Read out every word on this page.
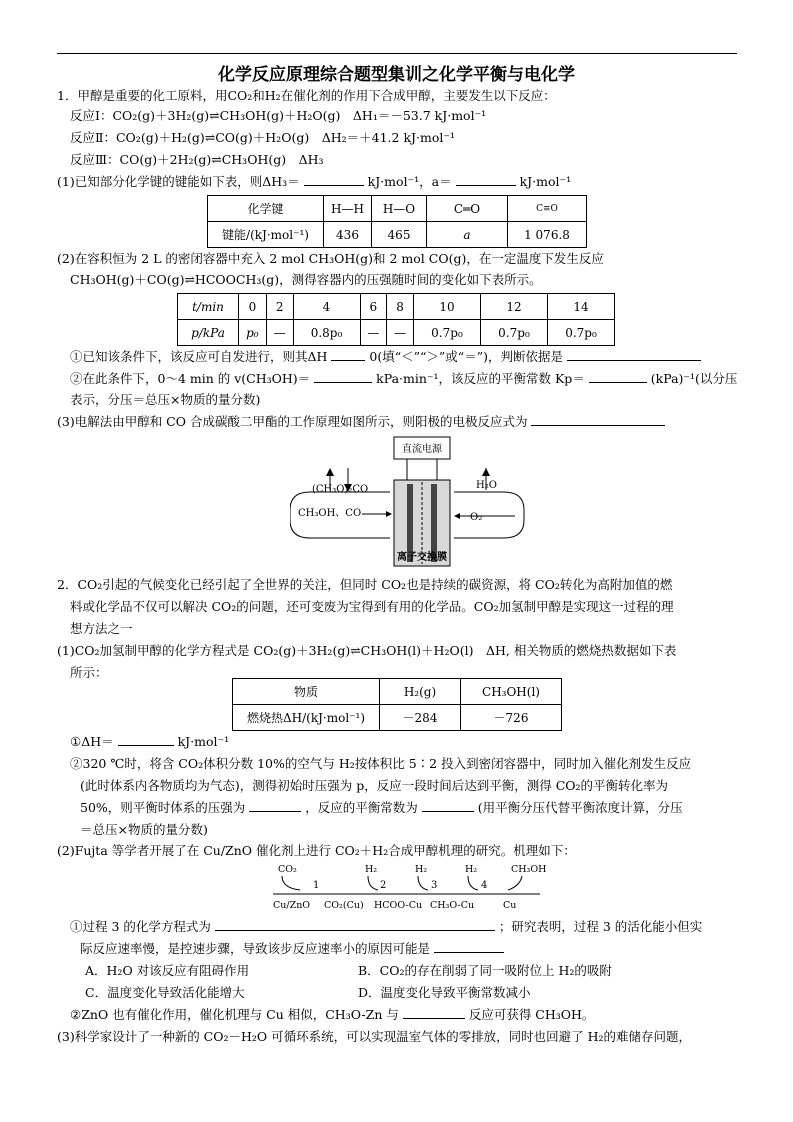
化学反应原理综合题型集训之化学平衡与电化学
1．甲醇是重要的化工原料，用CO₂和H₂在催化剂的作用下合成甲醇，主要发生以下反应：
反应Ⅰ：CO₂(g)＋3H₂(g)⇌CH₃OH(g)＋H₂O(g)　ΔH₁＝－53.7 kJ·mol⁻¹
反应Ⅱ：CO₂(g)＋H₂(g)⇌CO(g)＋H₂O(g)　ΔH₂＝＋41.2 kJ·mol⁻¹
反应Ⅲ：CO(g)＋2H₂(g)⇌CH₃OH(g)　ΔH₃
(1)已知部分化学键的键能如下表，则ΔH₃＝	kJ·mol⁻¹，a＝	kJ·mol⁻¹
化学键	H—H	H—O	C═O	C≡O
键能/(kJ·mol⁻¹)	436	465	a	1 076.8
(2)在容积恒为 2 L 的密闭容器中充入 2 mol CH₃OH(g)和 2 mol CO(g)，在一定温度下发生反应
CH₃OH(g)＋CO(g)⇌HCOOCH₃(g)，测得容器内的压强随时间的变化如下表所示。
t/min	0	2	4	6	8	10	12	14
p/kPa	p₀	—	0.8p₀	—	—	0.7p₀	0.7p₀	0.7p₀
①已知该条件下，该反应可自发进行，则其ΔH	0(填“＜”“＞”或“＝”)，判断依据是
②在此条件下，0～4 min 的 v(CH₃OH)＝	kPa·min⁻¹，该反应的平衡常数 Kp＝	(kPa)⁻¹(以分压
表示，分压＝总压×物质的量分数)
(3)电解法由甲醇和 CO 合成碳酸二甲酯的工作原理如图所示，则阳极的电极反应式为
直流电源
(CH₃O)₂CO
CH₃OH、CO
H₂O
O₂
离子交换膜
2．CO₂引起的气候变化已经引起了全世界的关注，但同时 CO₂也是持续的碳资源，将 CO₂转化为高附加值的燃
料或化学品不仅可以解决 CO₂的问题，还可变废为宝得到有用的化学品。CO₂加氢制甲醇是实现这一过程的理
想方法之一
(1)CO₂加氢制甲醇的化学方程式是 CO₂(g)＋3H₂(g)⇌CH₃OH(l)＋H₂O(l)　ΔH, 相关物质的燃烧热数据如下表
所示：
物质	H₂(g)	CH₃OH(l)
燃烧热ΔH/(kJ·mol⁻¹)	－284	－726
①ΔH＝	kJ·mol⁻¹
②320 ℃时，将含 CO₂体积分数 10%的空气与 H₂按体积比 5∶2 投入到密闭容器中，同时加入催化剂发生反应
(此时体系内各物质均为气态)，测得初始时压强为 p，反应一段时间后达到平衡，测得 CO₂的平衡转化率为
50%，则平衡时体系的压强为	，反应的平衡常数为	(用平衡分压代替平衡浓度计算，分压
＝总压×物质的量分数)
(2)Fujta 等学者开展了在 Cu/ZnO 催化剂上进行 CO₂＋H₂合成甲醇机理的研究。机理如下：
CO₂	H₂	H₂	H₂	CH₃OH
1	2	3	4
Cu/ZnO CO₂(Cu) HCOO-Cu CH₃O-Cu	Cu
①过程 3 的化学方程式为	；研究表明，过程 3 的活化能小但实
际反应速率慢，是控速步骤，导致该步反应速率小的原因可能是
A．H₂O 对该反应有阻碍作用	B．CO₂的存在削弱了同一吸附位上 H₂的吸附
C．温度变化导致活化能增大	D．温度变化导致平衡常数减小
②ZnO 也有催化作用，催化机理与 Cu 相似，CH₃O-Zn 与	反应可获得 CH₃OH。
(3)科学家设计了一种新的 CO₂－H₂O 可循环系统，可以实现温室气体的零排放，同时也回避了 H₂的难储存问题，
